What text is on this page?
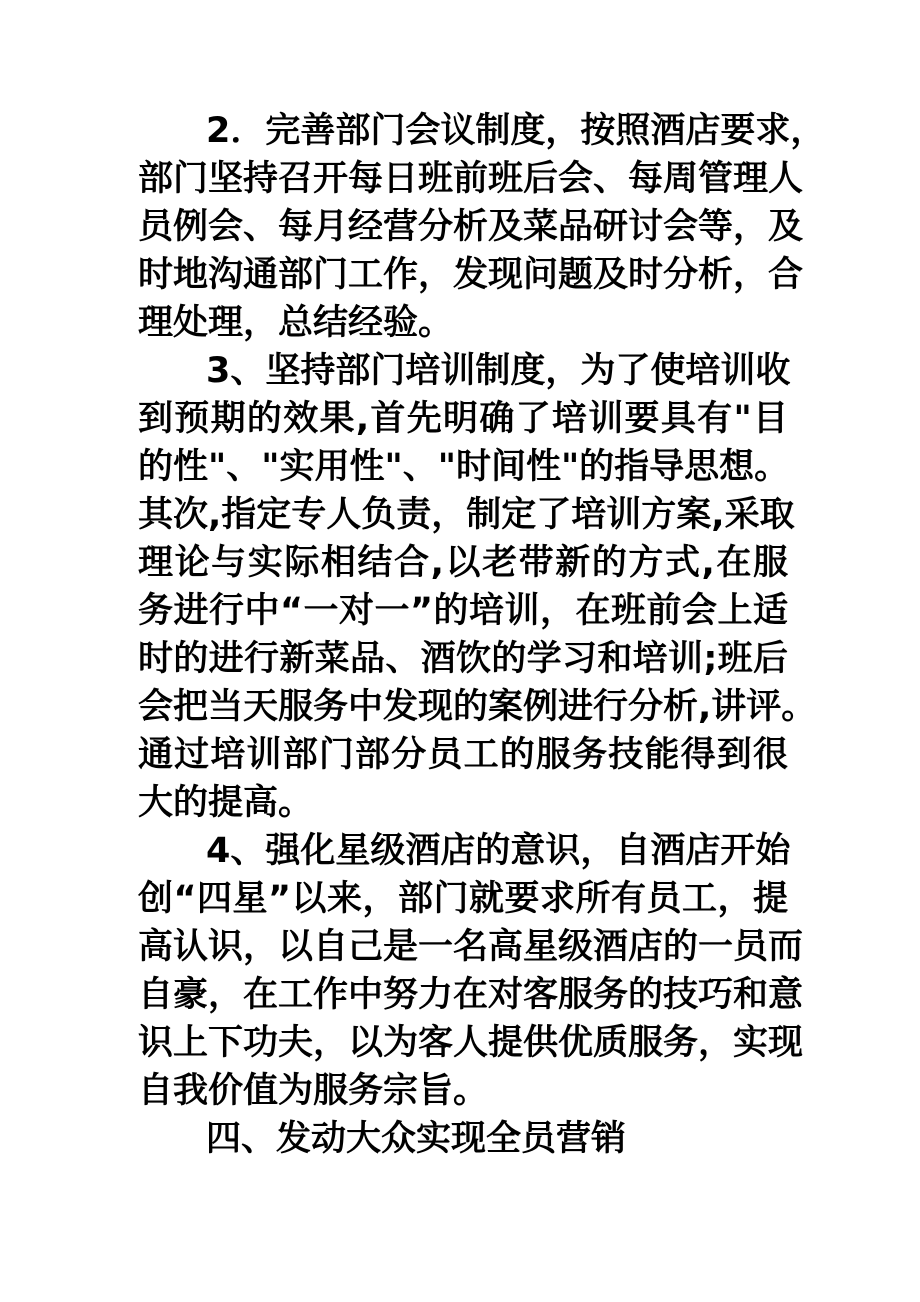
2．完善部门会议制度，按照酒店要求，
部门坚持召开每日班前班后会、每周管理人
员例会、每月经营分析及菜品研讨会等，及
时地沟通部门工作，发现问题及时分析，合
理处理，总结经验。
3、坚持部门培训制度，为了使培训收
到预期的效果,首先明确了培训要具有"目
的性"、"实用性"、"时间性"的指导思想。
其次,指定专人负责，制定了培训方案,采取
理论与实际相结合,以老带新的方式,在服
务进行中“一对一”的培训，在班前会上适
时的进行新菜品、酒饮的学习和培训;班后
会把当天服务中发现的案例进行分析,讲评。
通过培训部门部分员工的服务技能得到很
大的提高。
4、强化星级酒店的意识，自酒店开始
创“四星”以来，部门就要求所有员工，提
高认识，以自己是一名高星级酒店的一员而
自豪，在工作中努力在对客服务的技巧和意
识上下功夫，以为客人提供优质服务，实现
自我价值为服务宗旨。
四、发动大众实现全员营销
